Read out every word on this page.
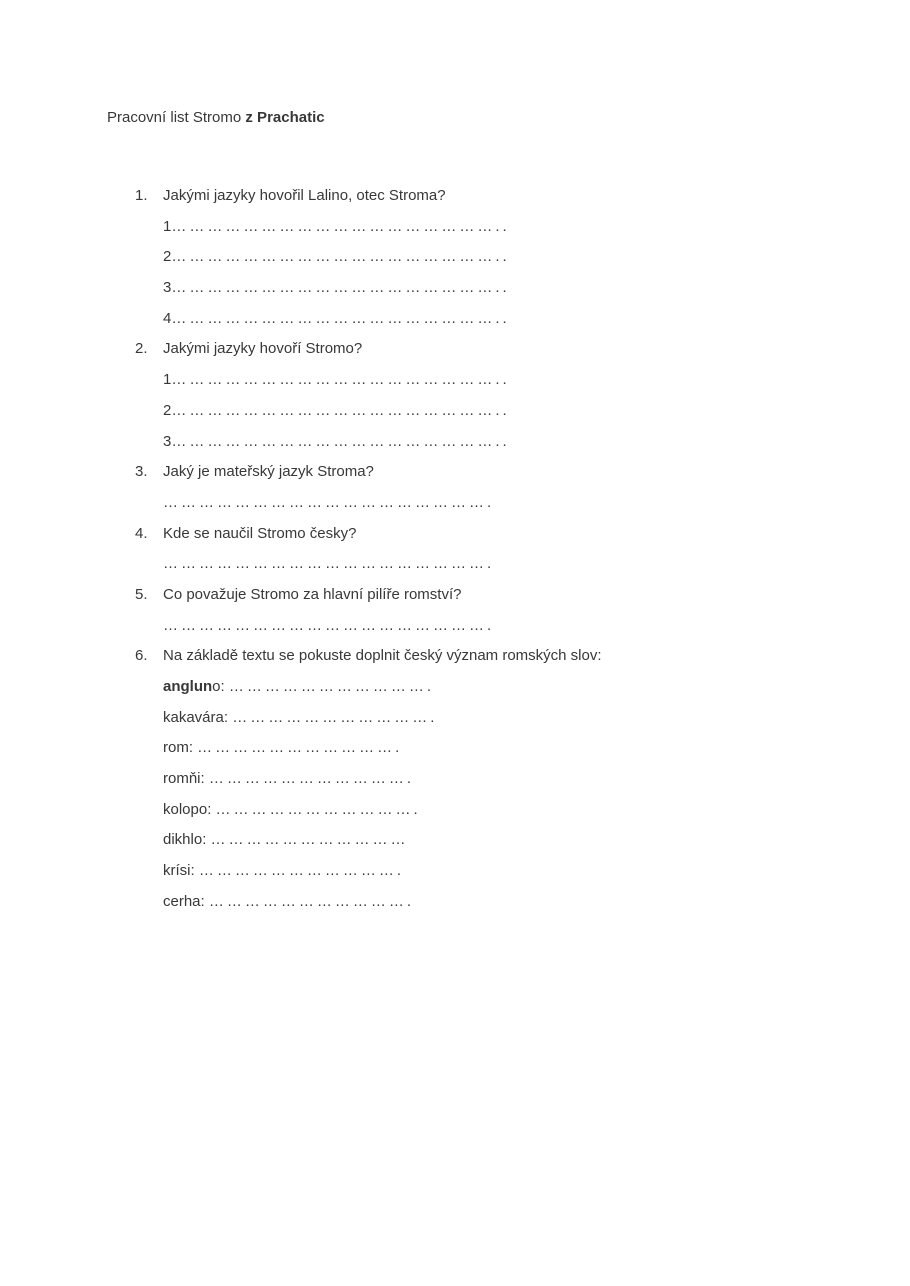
Pracovní list Stromo z Prachatic
1. Jakými jazyky hovořil Lalino, otec Stroma?
1………………………………………………..
2………………………………………………..
3………………………………………………..
4………………………………………………..
2. Jakými jazyky hovoří Stromo?
1………………………………………………..
2………………………………………………..
3………………………………………………..
3. Jaký je mateřský jazyk Stroma?
……………………………………………….
4. Kde se naučil Stromo česky?
……………………………………………….
5. Co považuje Stromo za hlavní pilíře romství?
……………………………………………….
6. Na základě textu se pokuste doplnit český význam romských slov:
angluno: …………………………….
kakavára: …………………………….
rom: …………………………….
romňi: …………………………….
kolopo: …………………………….
dikhlo: ……………………………
krísi: …………………………….
cerha: …………………………….
